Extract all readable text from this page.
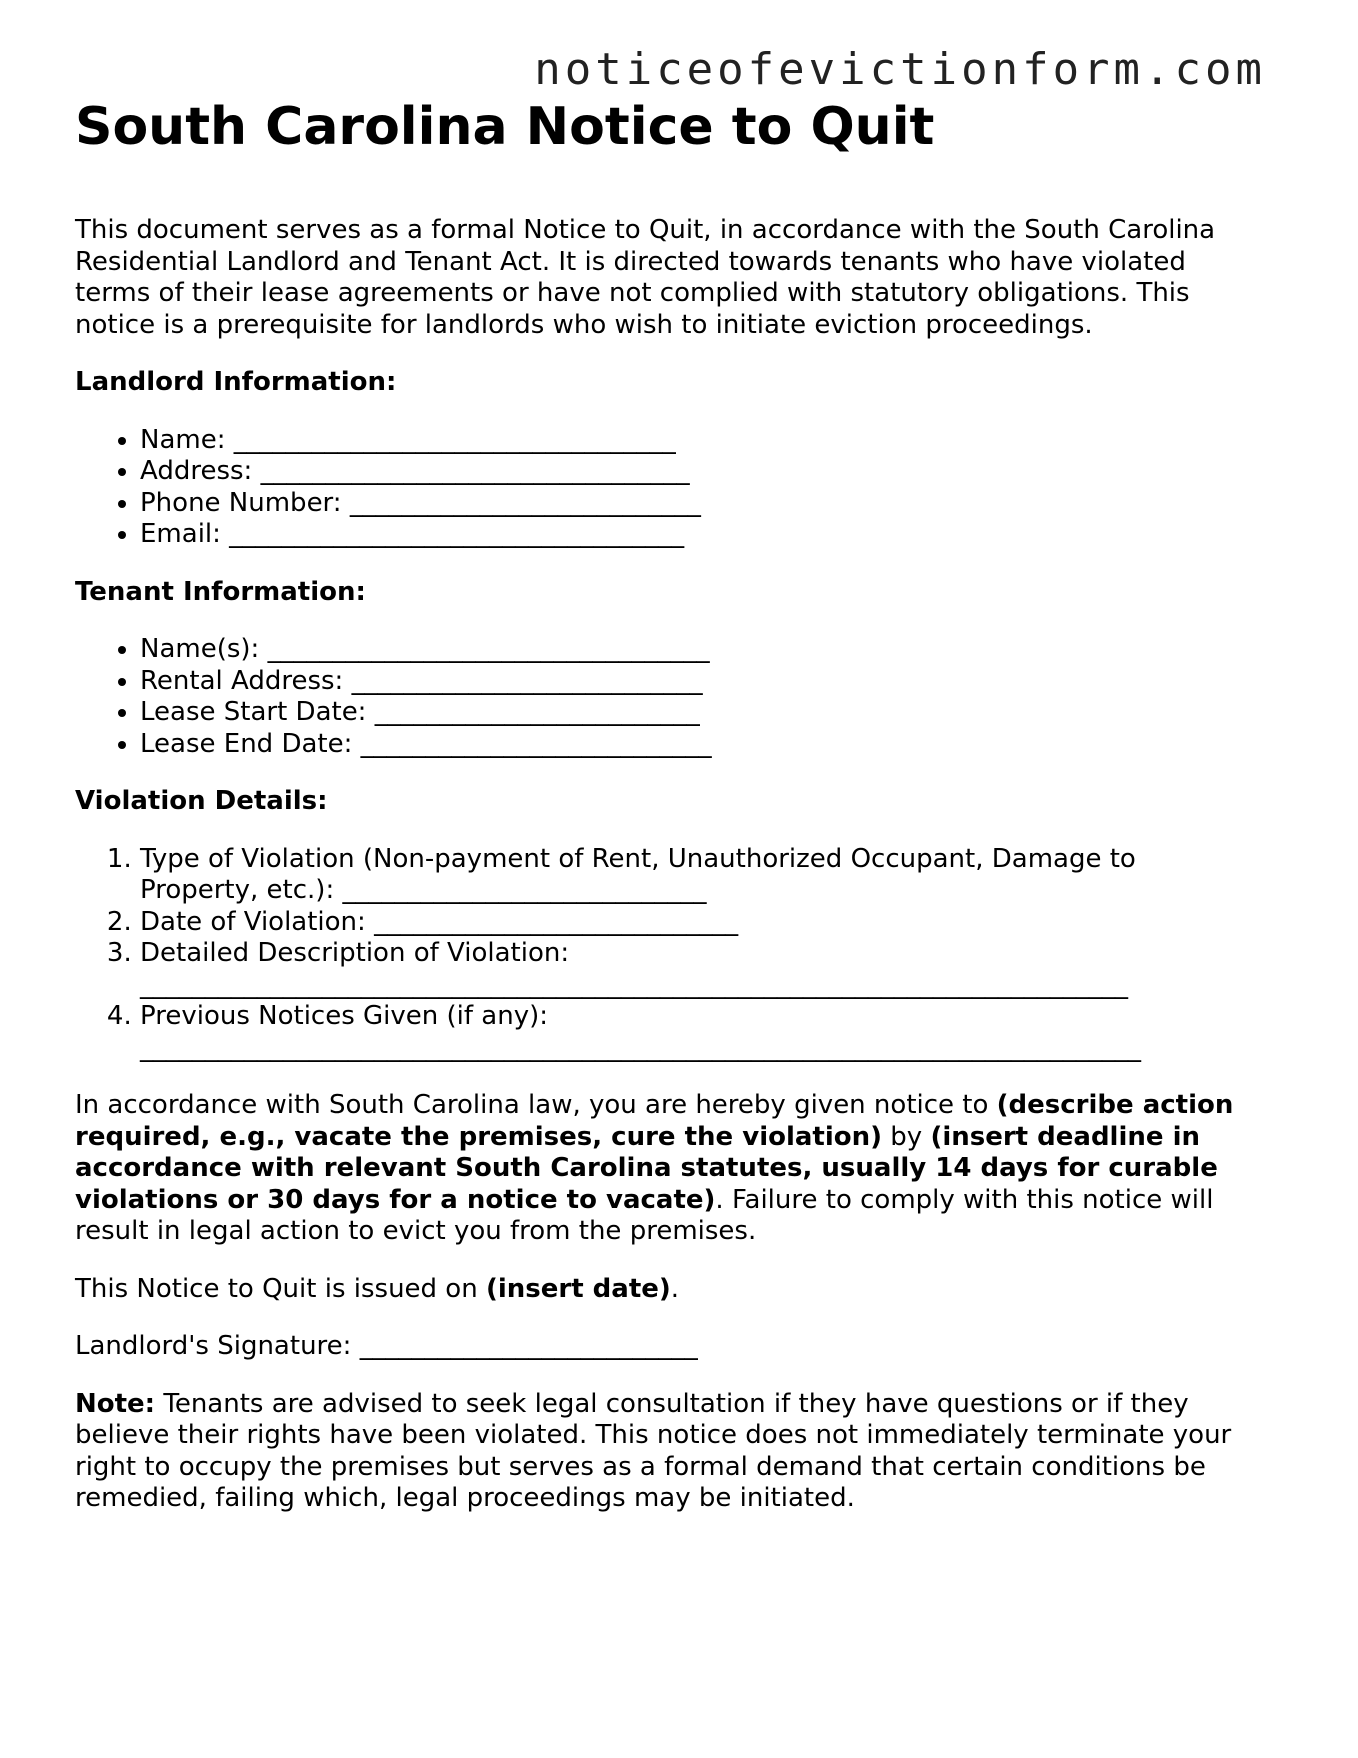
noticeofevictionform.com
South Carolina Notice to Quit

This document serves as a formal Notice to Quit, in accordance with the South Carolina Residential Landlord and Tenant Act. It is directed towards tenants who have violated terms of their lease agreements or have not complied with statutory obligations. This notice is a prerequisite for landlords who wish to initiate eviction proceedings.

Landlord Information:

• Name: __________________________________
• Address: _________________________________
• Phone Number: ___________________________
• Email: ___________________________________

Tenant Information:

• Name(s): __________________________________
• Rental Address: ___________________________
• Lease Start Date: _________________________
• Lease End Date: ___________________________

Violation Details:

1. Type of Violation (Non-payment of Rent, Unauthorized Occupant, Damage to Property, etc.): ____________________________
2. Date of Violation: ____________________________
3. Detailed Description of Violation:
____________________________________________________________________________
4. Previous Notices Given (if any):
_____________________________________________________________________________

In accordance with South Carolina law, you are hereby given notice to (describe action required, e.g., vacate the premises, cure the violation) by (insert deadline in accordance with relevant South Carolina statutes, usually 14 days for curable violations or 30 days for a notice to vacate). Failure to comply with this notice will result in legal action to evict you from the premises.

This Notice to Quit is issued on (insert date).

Landlord's Signature: __________________________

Note: Tenants are advised to seek legal consultation if they have questions or if they believe their rights have been violated. This notice does not immediately terminate your right to occupy the premises but serves as a formal demand that certain conditions be remedied, failing which, legal proceedings may be initiated.
